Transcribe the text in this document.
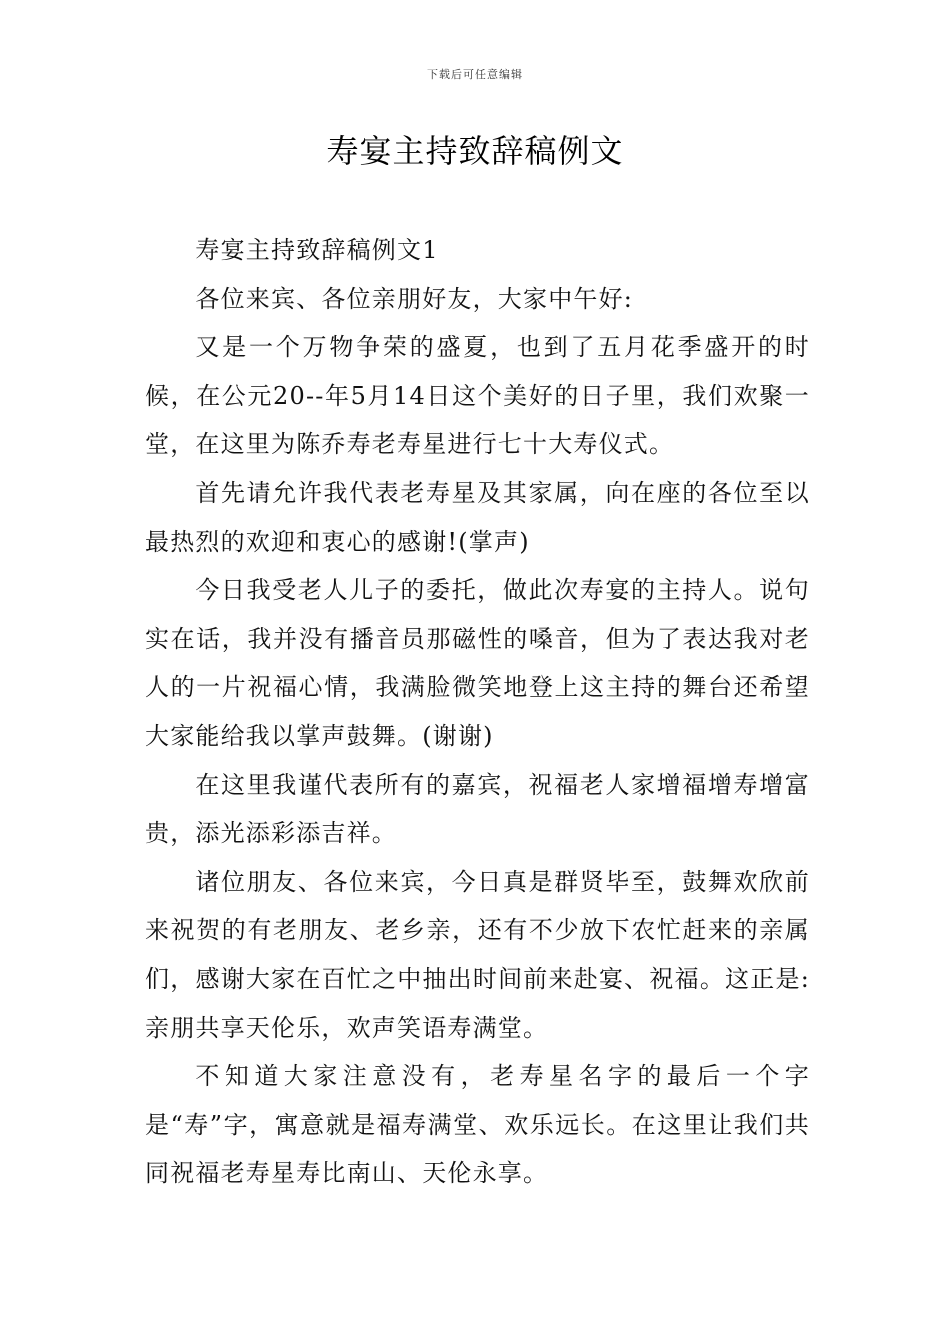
下载后可任意编辑
寿宴主持致辞稿例文

寿宴主持致辞稿例文1

各位来宾、各位亲朋好友，大家中午好:

又是一个万物争荣的盛夏，也到了五月花季盛开的时候，在公元20--年5月14日这个美好的日子里，我们欢聚一堂，在这里为陈乔寿老寿星进行七十大寿仪式。

首先请允许我代表老寿星及其家属，向在座的各位至以最热烈的欢迎和衷心的感谢!(掌声)

今日我受老人儿子的委托，做此次寿宴的主持人。说句实在话，我并没有播音员那磁性的嗓音，但为了表达我对老人的一片祝福心情，我满脸微笑地登上这主持的舞台还希望大家能给我以掌声鼓舞。(谢谢)

在这里我谨代表所有的嘉宾，祝福老人家增福增寿增富贵，添光添彩添吉祥。

诸位朋友、各位来宾，今日真是群贤毕至，鼓舞欢欣前来祝贺的有老朋友、老乡亲，还有不少放下农忙赶来的亲属们，感谢大家在百忙之中抽出时间前来赴宴、祝福。这正是:亲朋共享天伦乐，欢声笑语寿满堂。

不知道大家注意没有，老寿星名字的最后一个字是“寿”字，寓意就是福寿满堂、欢乐远长。在这里让我们共同祝福老寿星寿比南山、天伦永享。
